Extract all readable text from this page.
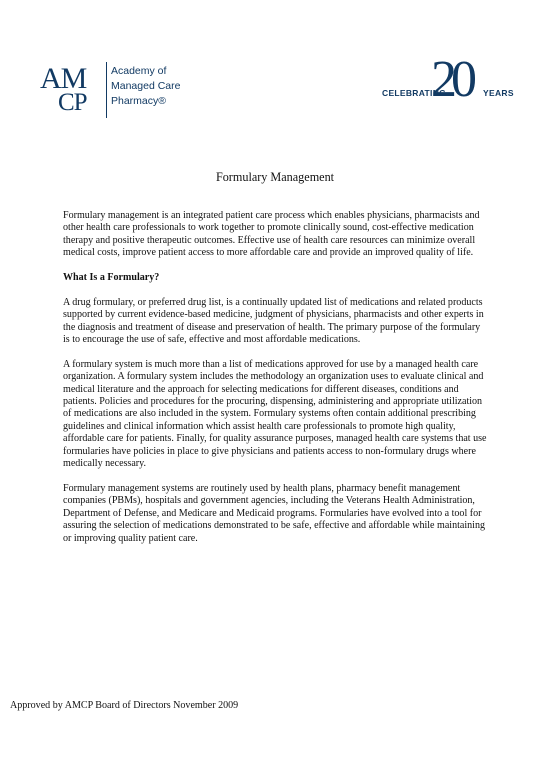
AM
CP
Academy of
Managed Care
Pharmacy®
CELEBRATING
20 YEARS
Formulary Management

Formulary management is an integrated patient care process which enables physicians, pharmacists and other health care professionals to work together to promote clinically sound, cost-effective medication therapy and positive therapeutic outcomes. Effective use of health care resources can minimize overall medical costs, improve patient access to more affordable care and provide an improved quality of life.

What Is a Formulary?

A drug formulary, or preferred drug list, is a continually updated list of medications and related products supported by current evidence-based medicine, judgment of physicians, pharmacists and other experts in the diagnosis and treatment of disease and preservation of health. The primary purpose of the formulary is to encourage the use of safe, effective and most affordable medications.

A formulary system is much more than a list of medications approved for use by a managed health care organization. A formulary system includes the methodology an organization uses to evaluate clinical and medical literature and the approach for selecting medications for different diseases, conditions and patients. Policies and procedures for the procuring, dispensing, administering and appropriate utilization of medications are also included in the system. Formulary systems often contain additional prescribing guidelines and clinical information which assist health care professionals to promote high quality, affordable care for patients. Finally, for quality assurance purposes, managed health care systems that use formularies have policies in place to give physicians and patients access to non-formulary drugs where medically necessary.

Formulary management systems are routinely used by health plans, pharmacy benefit management companies (PBMs), hospitals and government agencies, including the Veterans Health Administration, Department of Defense, and Medicare and Medicaid programs. Formularies have evolved into a tool for assuring the selection of medications demonstrated to be safe, effective and affordable while maintaining or improving quality patient care.

Approved by AMCP Board of Directors November 2009
